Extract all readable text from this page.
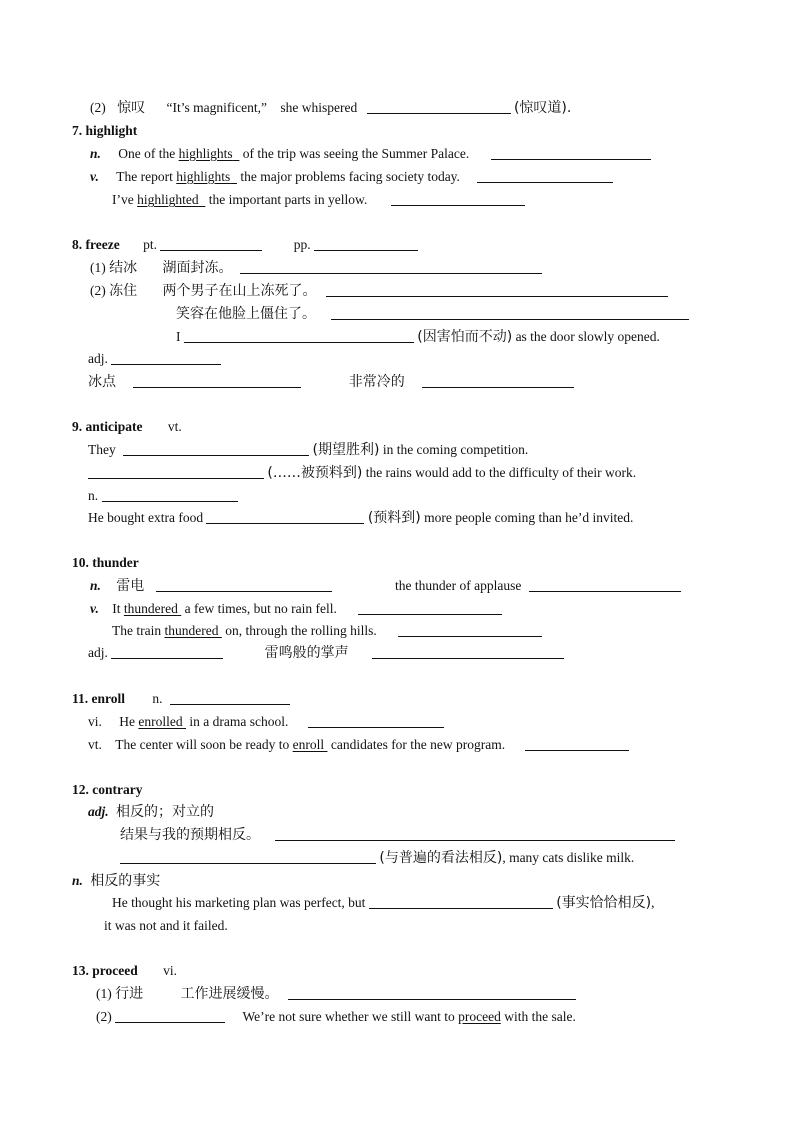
(2) 惊叹 “It’s magnificent,” she whispered	(惊叹道).
7. highlight
n. One of the highlights of the trip was seeing the Summer Palace.
v. The report highlights the major problems facing society today.
I’ve highlighted the important parts in yellow.
8. freeze pt.	pp.
(1) 结冰 湖面封冻。
(2) 冻住 两个男子在山上冻死了。
笑容在他脸上僵住了。
I	(因害怕而不动) as the door slowly opened.
adj.
冰点	非常冷的
9. anticipate vt.
They	(期望胜利) in the coming competition.
(……被预料到) the rains would add to the difficulty of their work.
n.
He bought extra food	(预料到) more people coming than he’d invited.
10. thunder
n. 雷电	the thunder of applause
v. It thundered a few times, but no rain fell.
The train thundered on, through the rolling hills.
adj.	雷鸣般的掌声
11. enroll n.
vi. He enrolled in a drama school.
vt. The center will soon be ready to enroll candidates for the new program.
12. contrary
adj. 相反的；对立的
结果与我的预期相反。
(与普遍的看法相反), many cats dislike milk.
n. 相反的事实
He thought his marketing plan was perfect, but	(事实恰恰相反),
it was not and it failed.
13. proceed vi.
(1) 行进	工作进展缓慢。
(2)	We’re not sure whether we still want to proceed with the sale.
